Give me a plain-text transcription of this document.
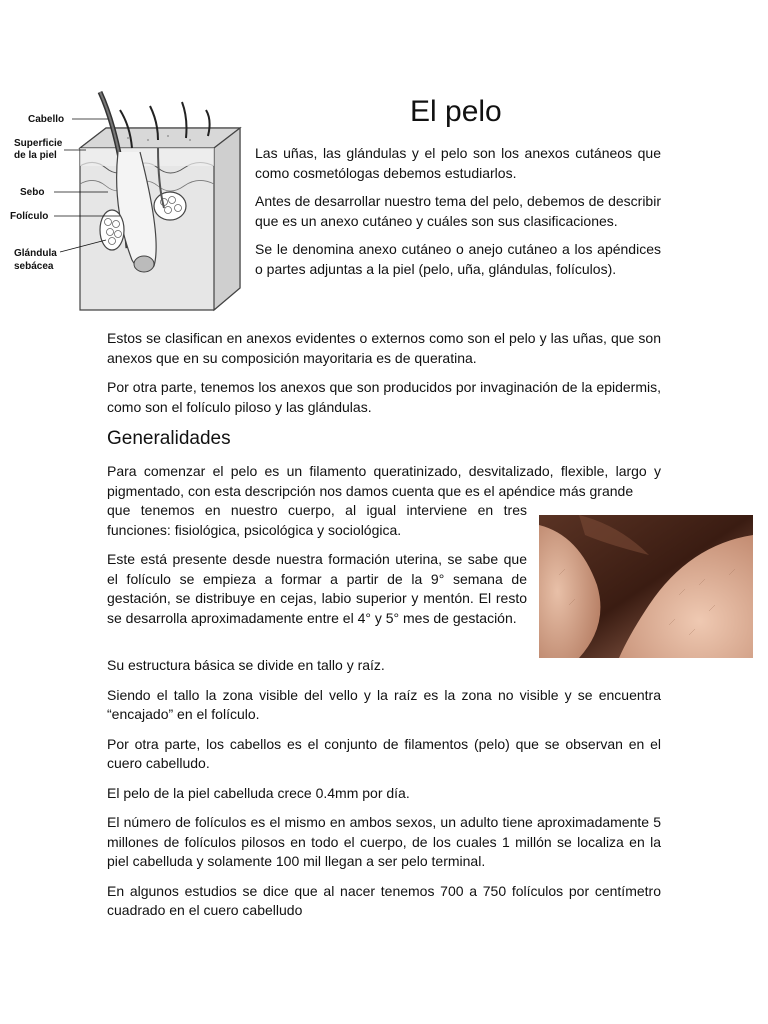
Cabello
Superficie
de la piel
Sebo
Folículo
Glándula
sebácea
El pelo

Las uñas, las glándulas y el pelo son los anexos cutáneos que como cosmetólogas debemos estudiarlos.

Antes de desarrollar nuestro tema del pelo, debemos de describir que es un anexo cutáneo y cuáles son sus clasificaciones.

Se le denomina anexo cutáneo o anejo cutáneo a los apéndices o partes adjuntas a la piel (pelo, uña, glándulas, folículos).

Estos se clasifican en anexos evidentes o externos como son el pelo y las uñas, que son anexos que en su composición mayoritaria es de queratina.

Por otra parte, tenemos los anexos que son producidos por invaginación de la epidermis, como son el folículo piloso y las glándulas.

Generalidades

Para comenzar el pelo es un filamento queratinizado, desvitalizado, flexible, largo y pigmentado, con esta descripción nos damos cuenta que es el apéndice más grande

que tenemos en nuestro cuerpo, al igual interviene en tres funciones: fisiológica, psicológica y sociológica.

Este está presente desde nuestra formación uterina, se sabe que el folículo se empieza a formar a partir de la 9° semana de gestación, se distribuye en cejas, labio superior y mentón. El resto se desarrolla aproximadamente entre el 4° y 5° mes de gestación.

Su estructura básica se divide en tallo y raíz.

Siendo el tallo la zona visible del vello y la raíz es la zona no visible y se encuentra “encajado” en el folículo.

Por otra parte, los cabellos es el conjunto de filamentos (pelo) que se observan en el cuero cabelludo.

El pelo de la piel cabelluda crece 0.4mm por día.

El número de folículos es el mismo en ambos sexos, un adulto tiene aproximadamente 5 millones de folículos pilosos en todo el cuerpo, de los cuales 1 millón se localiza en la piel cabelluda y solamente 100 mil llegan a ser pelo terminal.

En algunos estudios se dice que al nacer tenemos 700 a 750 folículos por centímetro cuadrado en el cuero cabelludo
